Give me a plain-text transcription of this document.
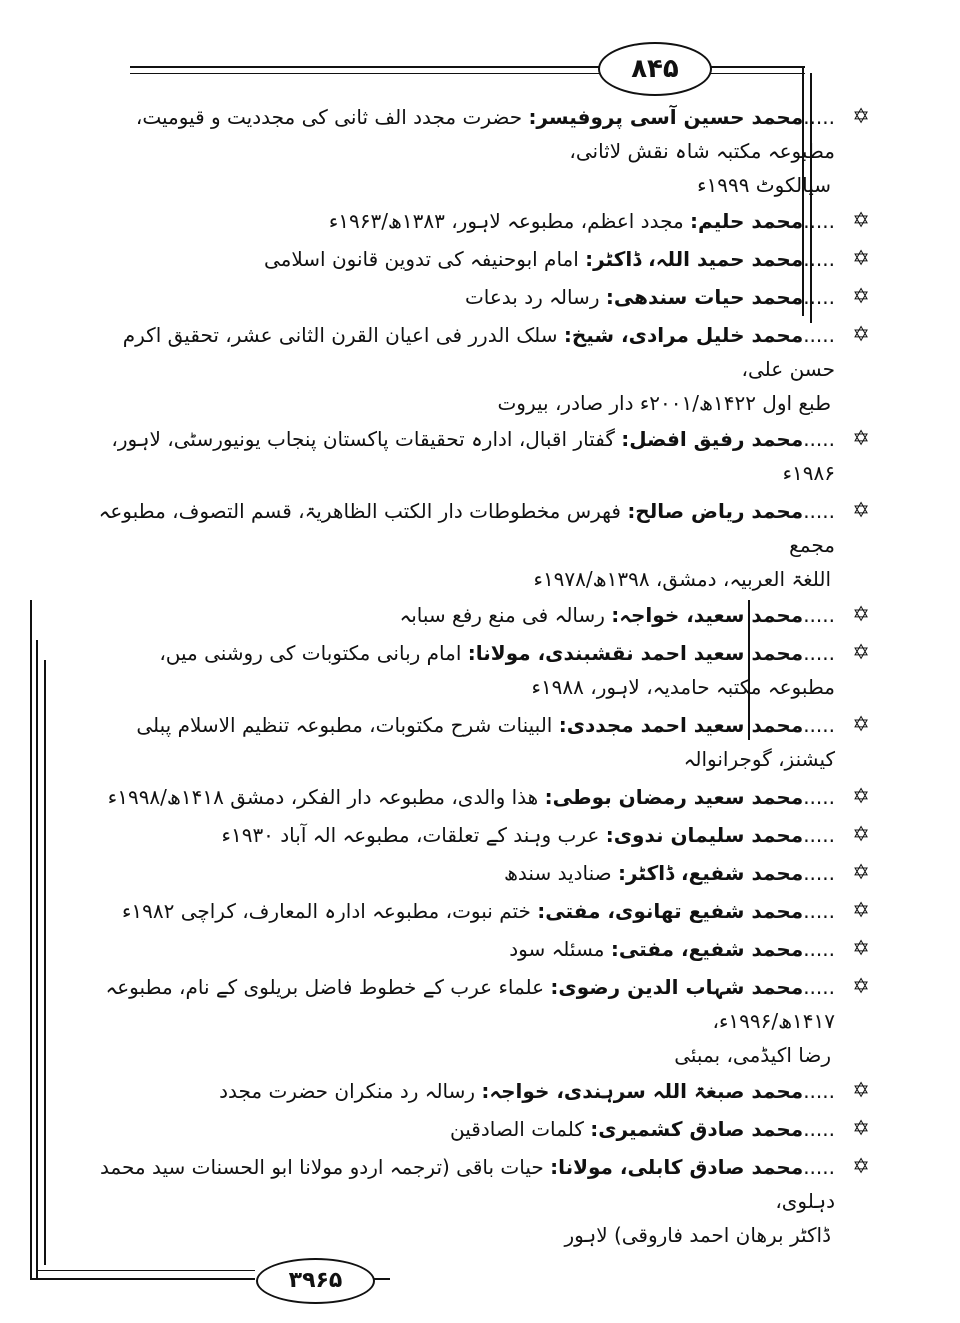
۸۴۵
✡
.....محمد حسین آسی پروفیسر: حضرت مجدد الف ثانی کی مجددیت و قیومیت، مطبوعہ مکتبہ شاہ نقش لاثانی،
سیالکوٹ ۱۹۹۹ء
✡
.....محمد حلیم: مجدد اعظم، مطبوعہ لاہور، ۱۳۸۳ھ/۱۹۶۳ء
✡
.....محمد حمید اللہ، ڈاکٹر: امام ابوحنیفہ کی تدوین قانون اسلامی
✡
.....محمد حیات سندھی: رسالہ رد بدعات
✡
.....محمد خلیل مرادی، شیخ: سلک الدرر فی اعیان القرن الثانی عشر، تحقیق اکرم حسن علی،
طبع اول ۱۴۲۲ھ/۲۰۰۱ء دار صادر، بیروت
✡
.....محمد رفیق افضل: گفتار اقبال، ادارہ تحقیقات پاکستان پنجاب یونیورسٹی، لاہور، ۱۹۸۶ء
✡
.....محمد ریاض صالح: فھرس مخطوطات دار الکتب الظاھریۃ، قسم التصوف، مطبوعہ مجمع
اللغۃ العربیہ، دمشق، ۱۳۹۸ھ/۱۹۷۸ء
✡
.....محمد سعید، خواجہ: رسالہ فی منع رفع سبابہ
✡
.....محمد سعید احمد نقشبندی، مولانا: امام ربانی مکتوبات کی روشنی میں، مطبوعہ مکتبہ حامدیہ، لاہور، ۱۹۸۸ء
✡
.....محمد سعید احمد مجددی: البینات شرح مکتوبات، مطبوعہ تنظیم الاسلام پبلی کیشنز، گوجرانوالہ
✡
.....محمد سعید رمضان بوطی: ھذا والدی، مطبوعہ دار الفکر، دمشق ۱۴۱۸ھ/۱۹۹۸ء
✡
.....محمد سلیمان ندوی: عرب وہند کے تعلقات، مطبوعہ الہ آباد ۱۹۳۰ء
✡
.....محمد شفیع، ڈاکٹر: صنادید سندھ
✡
.....محمد شفیع تھانوی، مفتی: ختم نبوت، مطبوعہ ادارہ المعارف، کراچی ۱۹۸۲ء
✡
.....محمد شفیع، مفتی: مسئلہ سود
✡
.....محمد شہاب الدین رضوی: علماء عرب کے خطوط فاضل بریلوی کے نام، مطبوعہ ۱۴۱۷ھ/۱۹۹۶ء،
رضا اکیڈمی، بمبئی
✡
.....محمد صبغۃ اللہ سرہندی، خواجہ: رسالہ رد منکران حضرت مجدد
✡
.....محمد صادق کشمیری: کلمات الصادقین
✡
.....محمد صادق کابلی، مولانا: حیات باقی (ترجمہ اردو مولانا ابو الحسنات سید محمد دہلوی،
ڈاکٹر برھان احمد فاروقی) لاہور
۳۹۶۵
